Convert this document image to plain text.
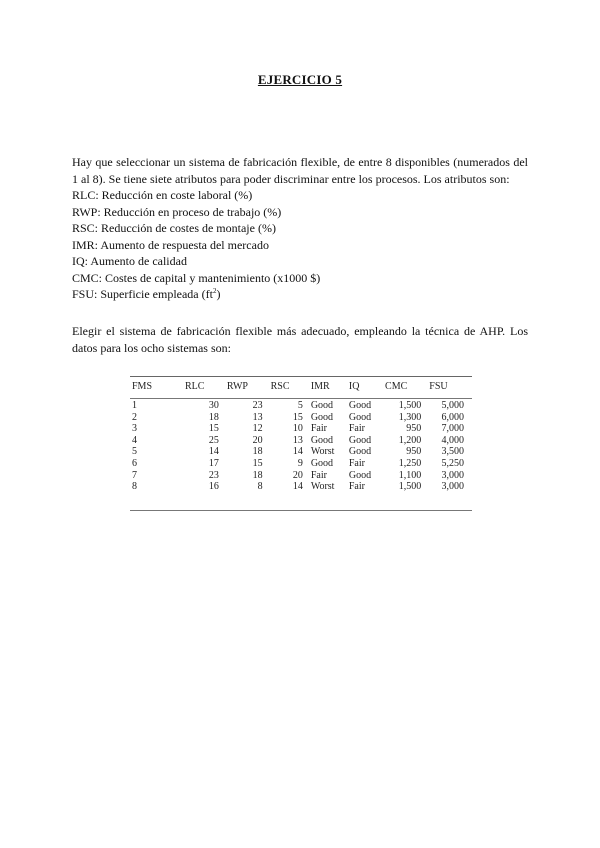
EJERCICIO 5

Hay que seleccionar un sistema de fabricación flexible, de entre 8 disponibles (numerados del 1 al 8). Se tiene siete atributos para poder discriminar entre los procesos. Los atributos son:

RLC: Reducción en coste laboral (%)

RWP: Reducción en proceso de trabajo (%)

RSC: Reducción de costes de montaje (%)

IMR: Aumento de respuesta del mercado

IQ: Aumento de calidad

CMC: Costes de capital y mantenimiento (x1000 $)

FSU: Superficie empleada $(ft^2)$

Elegir el sistema de fabricación flexible más adecuado, empleando la técnica de AHP. Los datos para los ocho sistemas son:
FMS	RLC	RWP	RSC	IMR	IQ	CMC	FSU
1	30	23	5	Good	Good	1,500	5,000
2	18	13	15	Good	Good	1,300	6,000
3	15	12	10	Fair	Fair	950	7,000
4	25	20	13	Good	Good	1,200	4,000
5	14	18	14	Worst	Good	950	3,500
6	17	15	9	Good	Fair	1,250	5,250
7	23	18	20	Fair	Good	1,100	3,000
8	16	8	14	Worst	Fair	1,500	3,000
